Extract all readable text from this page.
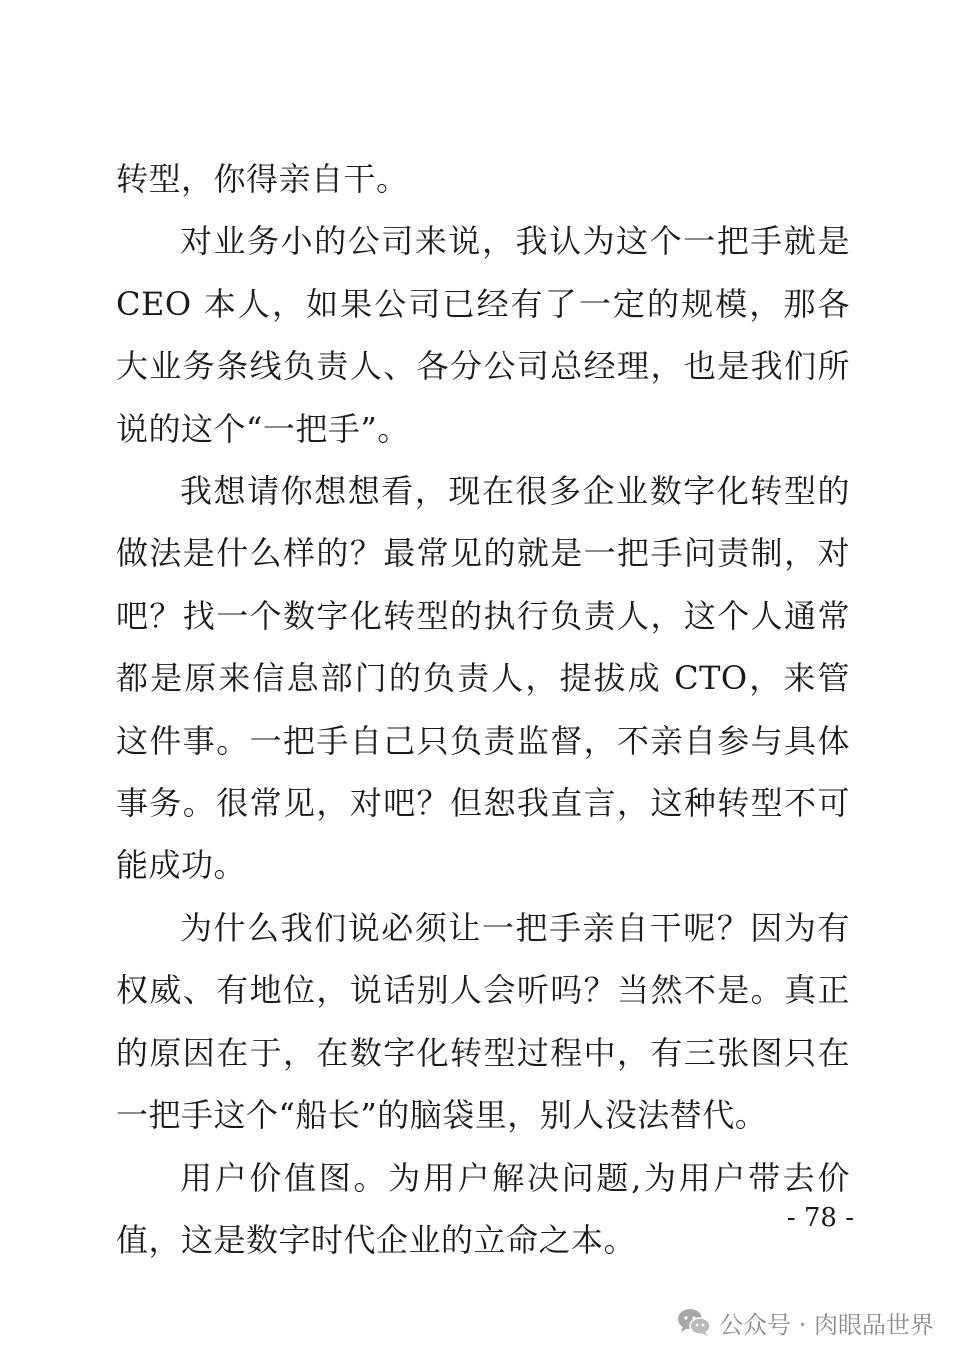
转型，你得亲自干。

对业务小的公司来说，我认为这个一把手就是CEO 本人，如果公司已经有了一定的规模，那各大业务条线负责人、各分公司总经理，也是我们所说的这个“一把手”。

我想请你想想看，现在很多企业数字化转型的做法是什么样的？最常见的就是一把手问责制，对吧？找一个数字化转型的执行负责人，这个人通常都是原来信息部门的负责人，提拔成 CTO，来管这件事。一把手自己只负责监督，不亲自参与具体事务。很常见，对吧？但恕我直言，这种转型不可能成功。

为什么我们说必须让一把手亲自干呢？因为有权威、有地位，说话别人会听吗？当然不是。真正的原因在于，在数字化转型过程中，有三张图只在一把手这个“船长”的脑袋里，别人没法替代。

用户价值图。为用户解决问题,为用户带去价值，这是数字时代企业的立命之本。

- 78 -
公众号 · 肉眼品世界
